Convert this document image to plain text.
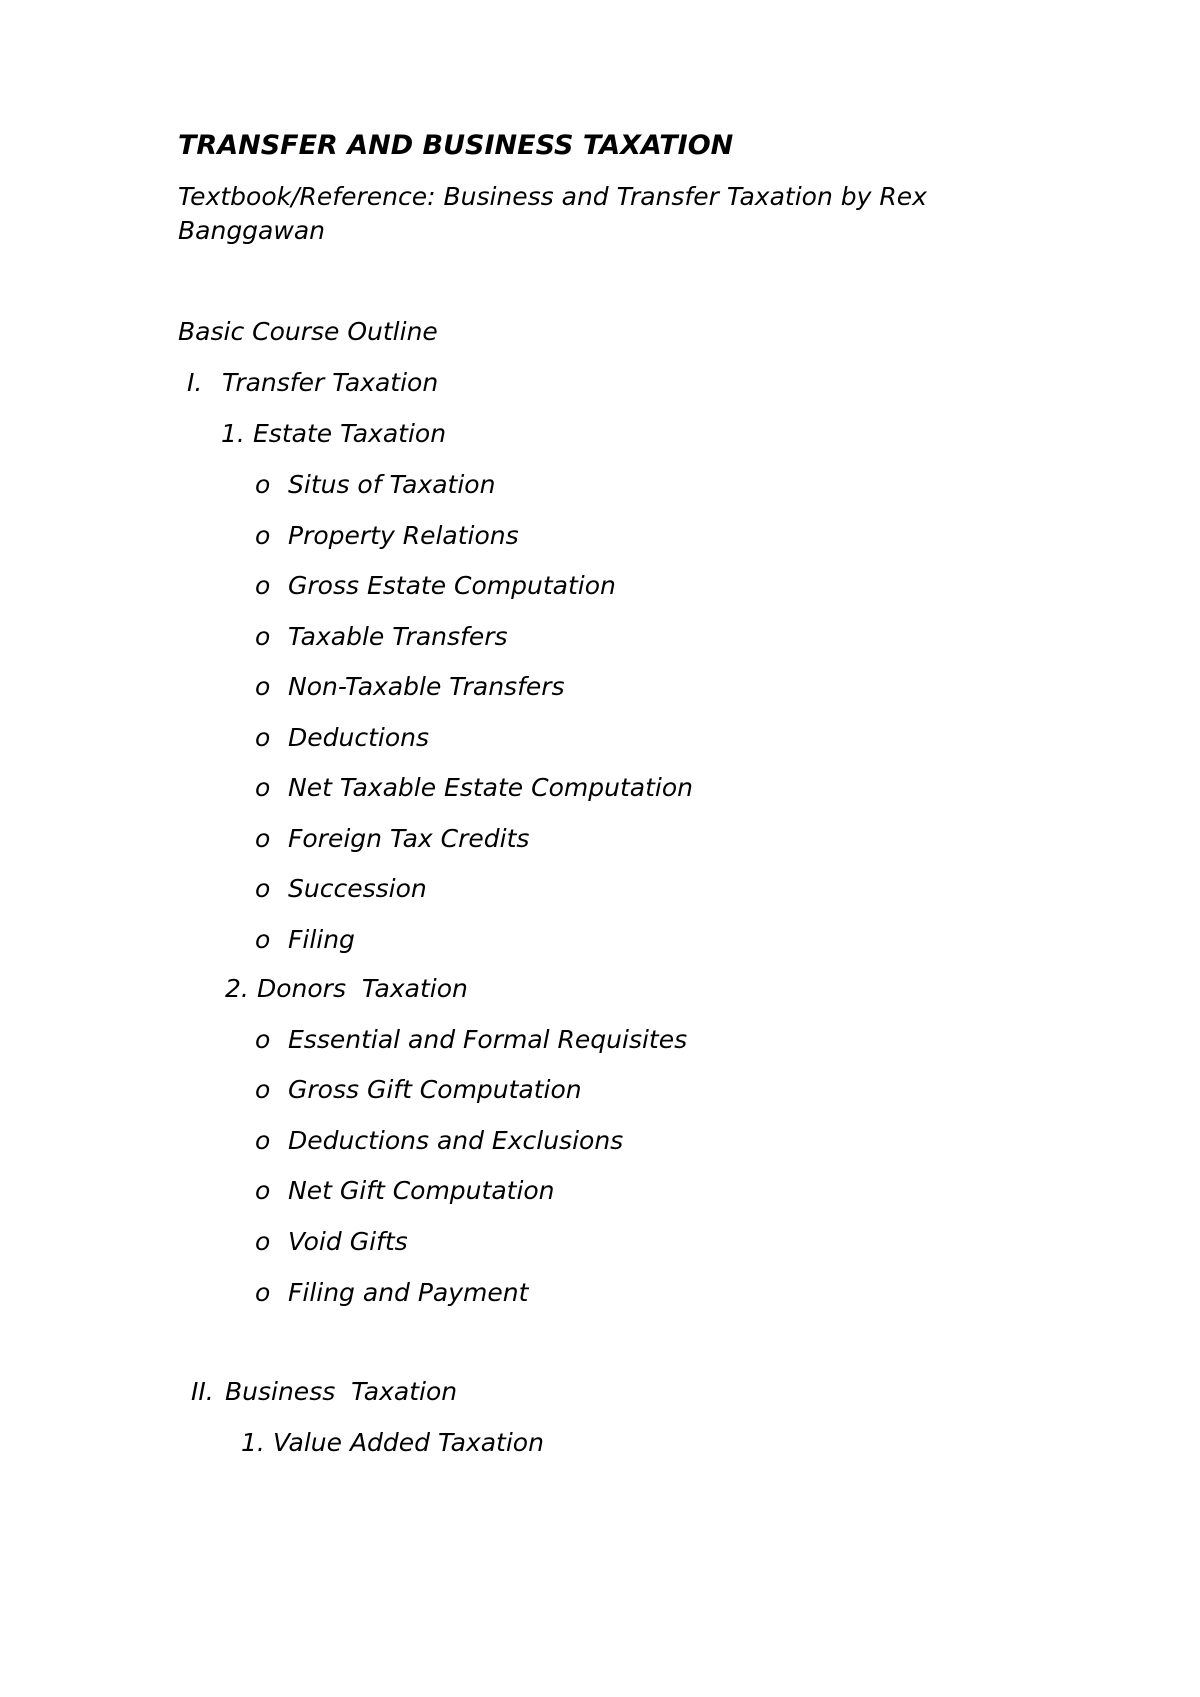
TRANSFER AND BUSINESS TAXATION
Textbook/Reference: Business and Transfer Taxation by Rex
Banggawan
Basic Course Outline
I. Transfer Taxation
1. Estate Taxation
o Situs of Taxation
o Property Relations
o Gross Estate Computation
o Taxable Transfers
o Non-Taxable Transfers
o Deductions
o Net Taxable Estate Computation
o Foreign Tax Credits
o Succession
o Filing
2. Donors  Taxation
o Essential and Formal Requisites
o Gross Gift Computation
o Deductions and Exclusions
o Net Gift Computation
o Void Gifts
o Filing and Payment
II. Business  Taxation
1. Value Added Taxation
